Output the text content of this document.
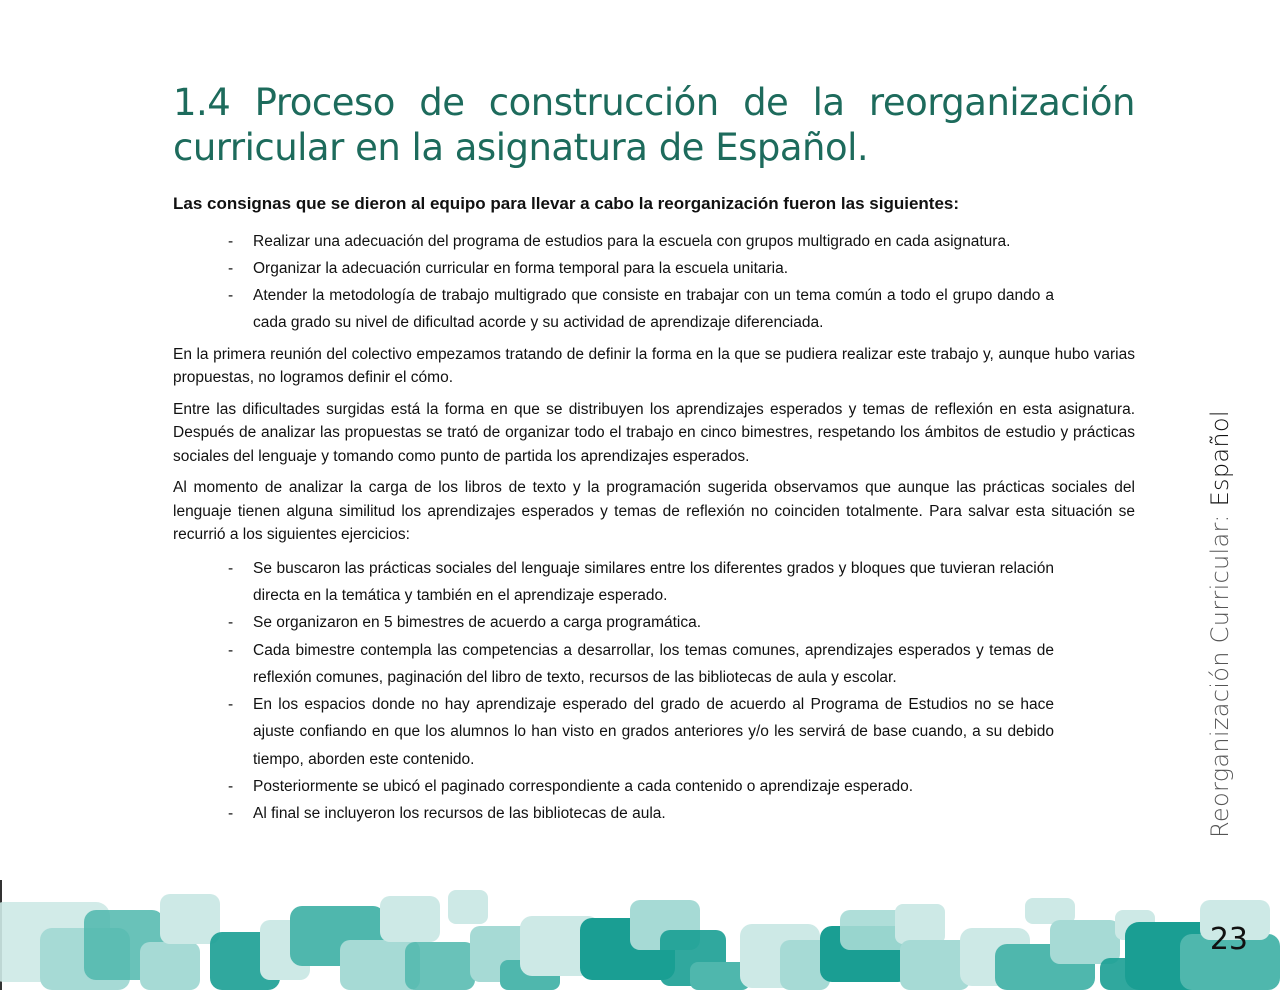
1.4 Proceso de construcción de la reorganización curricular en la asignatura de Español.

Las consignas que se dieron al equipo para llevar a cabo la reorganización fueron las siguientes:

- Realizar una adecuación del programa de estudios para la escuela con grupos multigrado en cada asignatura.
- Organizar la adecuación curricular en forma temporal para la escuela unitaria.
- Atender la metodología de trabajo multigrado que consiste en trabajar con un tema común a todo el grupo dando a cada grado su nivel de dificultad acorde y su actividad de aprendizaje diferenciada.

En la primera reunión del colectivo empezamos tratando de definir la forma en la que se pudiera realizar este trabajo y, aunque hubo varias propuestas, no logramos definir el cómo.

Entre las dificultades surgidas está la forma en que se distribuyen los aprendizajes esperados y temas de reflexión en esta asignatura. Después de analizar las propuestas se trató de organizar todo el trabajo en cinco bimestres, respetando los ámbitos de estudio y prácticas sociales del lenguaje y tomando como punto de partida los aprendizajes esperados.

Al momento de analizar la carga de los libros de texto y la programación sugerida observamos que aunque las prácticas sociales del lenguaje tienen alguna similitud los aprendizajes esperados y temas de reflexión no coinciden totalmente. Para salvar esta situación se recurrió a los siguientes ejercicios:

- Se buscaron las prácticas sociales del lenguaje similares entre los diferentes grados y bloques que tuvieran relación directa en la temática y también en el aprendizaje esperado.
- Se organizaron en 5 bimestres de acuerdo a carga programática.
- Cada bimestre contempla las competencias a desarrollar, los temas comunes, aprendizajes esperados y temas de reflexión comunes, paginación del libro de texto, recursos de las bibliotecas de aula y escolar.
- En los espacios donde no hay aprendizaje esperado del grado de acuerdo al Programa de Estudios no se hace ajuste confiando en que los alumnos lo han visto en grados anteriores y/o les servirá de base cuando, a su debido tiempo, aborden este contenido.
- Posteriormente se ubicó el paginado correspondiente a cada contenido o aprendizaje esperado.
- Al final se incluyeron los recursos de las bibliotecas de aula.	Reorganización Curricular: Español
23
